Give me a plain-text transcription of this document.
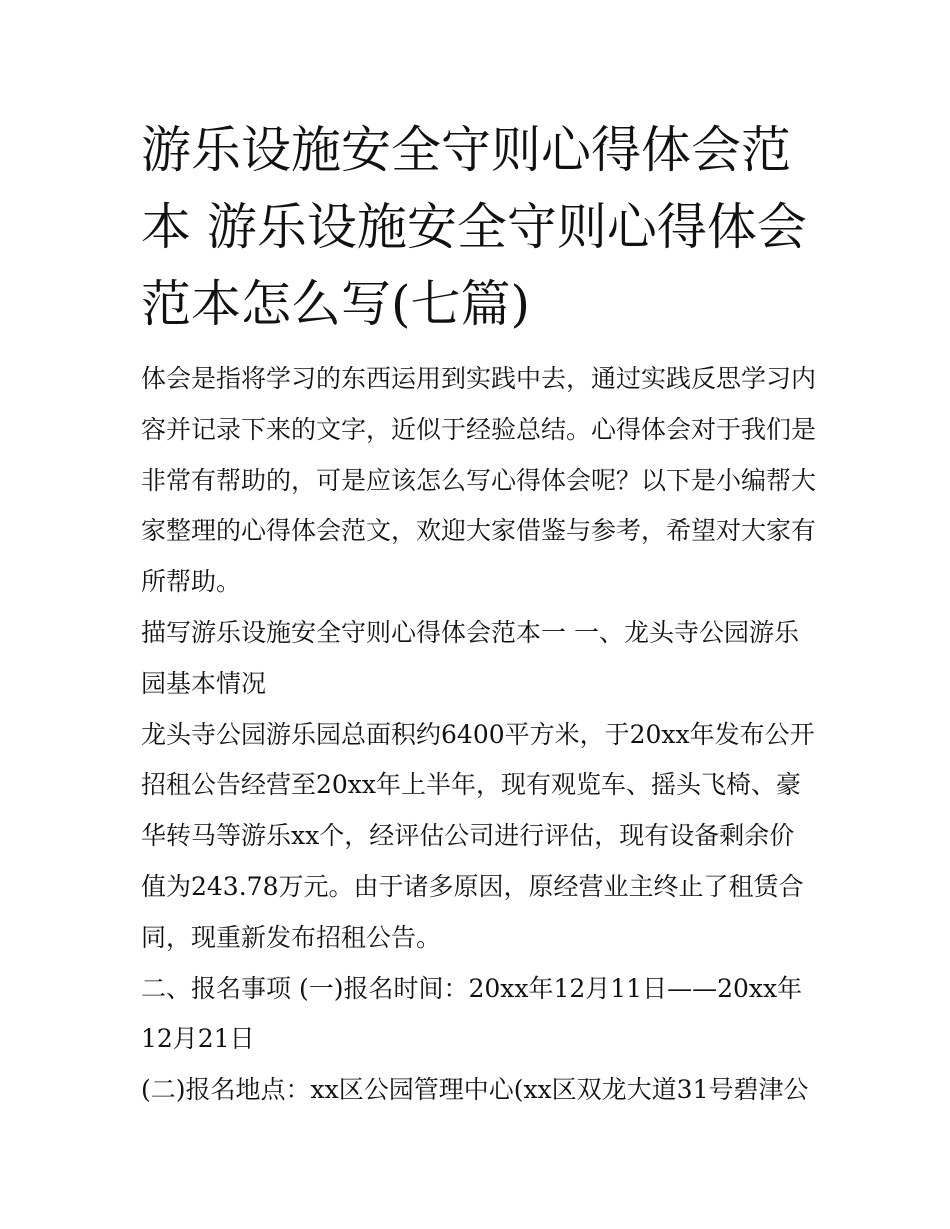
游乐设施安全守则心得体会范本 游乐设施安全守则心得体会范本怎么写(七篇)

体会是指将学习的东西运用到实践中去，通过实践反思学习内容并记录下来的文字，近似于经验总结。心得体会对于我们是非常有帮助的，可是应该怎么写心得体会呢？以下是小编帮大家整理的心得体会范文，欢迎大家借鉴与参考，希望对大家有所帮助。

描写游乐设施安全守则心得体会范本一 一、龙头寺公园游乐园基本情况

龙头寺公园游乐园总面积约6400平方米，于20xx年发布公开招租公告经营至20xx年上半年，现有观览车、摇头飞椅、豪华转马等游乐xx个，经评估公司进行评估，现有设备剩余价值为243.78万元。由于诸多原因，原经营业主终止了租赁合同，现重新发布招租公告。

二、报名事项 (一)报名时间：20xx年12月11日——20xx年12月21日

(二)报名地点：xx区公园管理中心(xx区双龙大道31号碧津公
